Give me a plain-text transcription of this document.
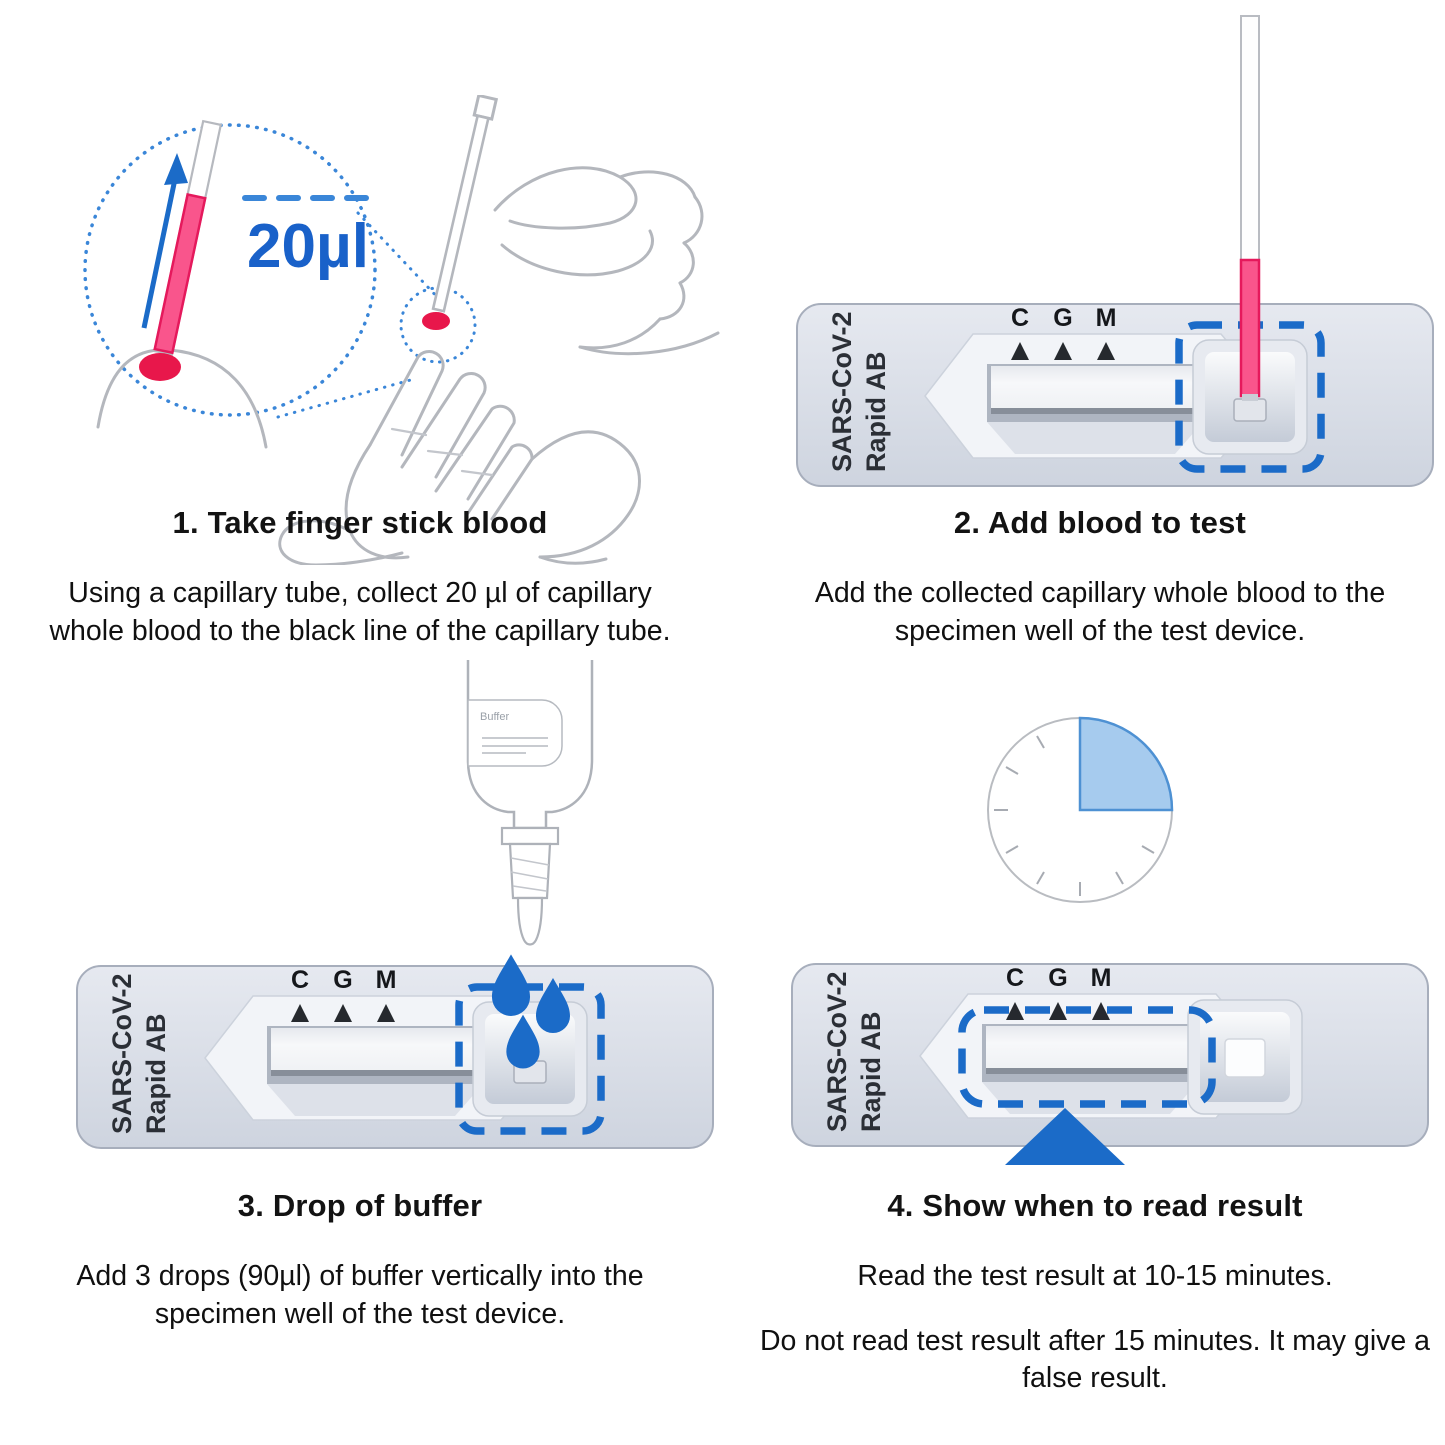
20µl
1. Take finger stick blood

Using a capillary tube, collect 20 µl of capillary whole blood to the black line of the capillary tube.

SARS-CoV-2 Rapid AB
C G M
2. Add blood to test

Add the collected capillary whole blood to the specimen well of the test device.

Buffer
SARS-CoV-2 Rapid AB
C G M
3. Drop of buffer

Add 3 drops (90µl) of buffer vertically into the specimen well of the test device.

SARS-CoV-2 Rapid AB
C G M
4. Show when to read result

Read the test result at 10-15 minutes.

Do not read test result after 15 minutes. It may give a false result.
